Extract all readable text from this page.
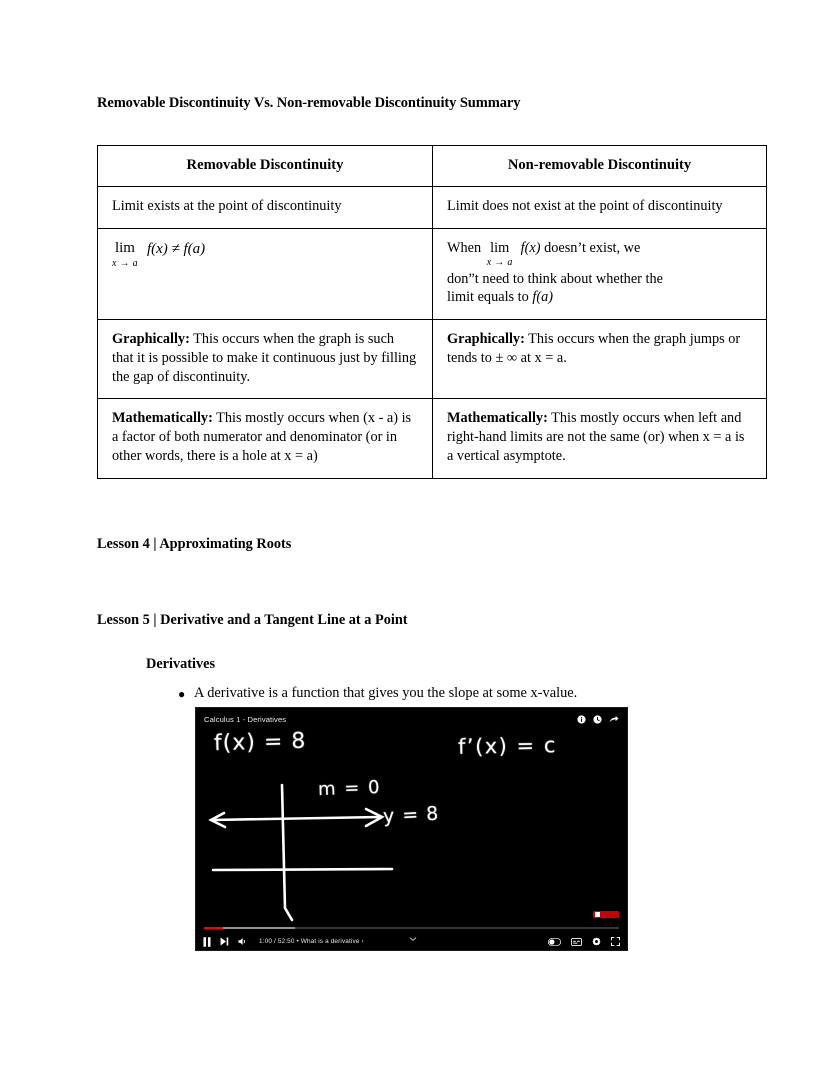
Removable Discontinuity Vs. Non-removable Discontinuity Summary
Removable Discontinuity	Non-removable Discontinuity
Limit exists at the point of discontinuity	Limit does not exist at the point of discontinuity

lim
x → a
f(x) ≠ f(a)	When lim
x → a
f(x) doesn’t exist, we
don”t need to think about whether the
limit equals to f(a)

Graphically: This occurs when the graph is such that it is possible to make it continuous just by filling the gap of discontinuity.	Graphically: This occurs when the graph jumps or tends to ± ∞ at x = a.
Mathematically: This mostly occurs when (x - a) is a factor of both numerator and denominator (or in other words, there is a hole at x = a)	Mathematically: This mostly occurs when left and right-hand limits are not the same (or) when x = a is a vertical asymptote.
Lesson 4 | Approximating Roots
Lesson 5 | Derivative and a Tangent Line at a Point
Derivatives
● A derivative is a function that gives you the slope at some x-value.
f(x) = 8	f’(x) = c
m = 0
y = 8
Calculus 1 - Derivatives
1:00 / 52:50 • What is a derivative ›
